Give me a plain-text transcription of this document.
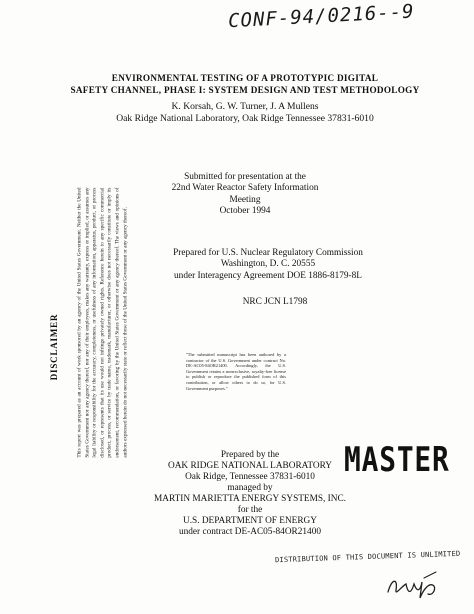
CONF-94/0216--9

ENVIRONMENTAL TESTING OF A PROTOTYPIC DIGITAL

SAFETY CHANNEL, PHASE I: SYSTEM DESIGN AND TEST METHODOLOGY

K. Korsah, G. W. Turner, J. A Mullens
Oak Ridge National Laboratory, Oak Ridge Tennessee 37831-6010
Submitted for presentation at the
22nd Water Reactor Safety Information Meeting
October 1994
Prepared for U.S. Nuclear Regulatory Commission
Washington, D. C. 20555
under Interagency Agreement DOE 1886-8179-8L
NRC JCN L1798
DISCLAIMER	This report was prepared as an account of work sponsored by an agency of the United States Government. Neither the United States Government nor any agency thereof, nor any of their employees, makes any warranty, express or implied, or assumes any legal liability or responsibility for the accuracy, completeness, or usefulness of any information, apparatus, product, or process disclosed, or represents that its use would not infringe privately owned rights. Reference herein to any specific commercial product, process, or service by trade name, trademark, manufacturer, or otherwise does not necessarily constitute or imply its endorsement, recommendation, or favoring by the United States Government or any agency thereof. The views and opinions of authors expressed herein do not necessarily state or reflect those of the United States Government or any agency thereof.	"The submitted manuscript has been authored by a contractor of the U.S. Government under contract No. DE-AC05-84OR21400. Accordingly, the U.S. Government retains a nonexclusive, royalty-free license to publish or reproduce the published form of this contribution, or allow others to do so, for U.S. Government purposes."
Prepared by the
OAK RIDGE NATIONAL LABORATORY
Oak Ridge, Tennessee 37831-6010
managed by
MARTIN MARIETTA ENERGY SYSTEMS, INC.
for the
U.S. DEPARTMENT OF ENERGY
under contract DE-AC05-84OR21400
MASTER
DISTRIBUTION OF THIS DOCUMENT IS UNLIMITED
